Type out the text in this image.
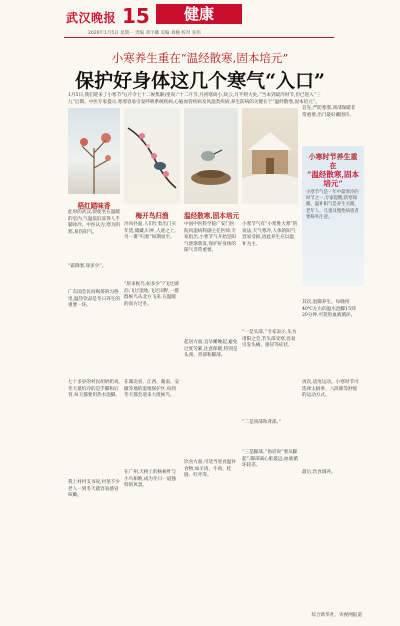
武汉晚报 15	健康
2026年1月5日 星期一 责编 邓宇卿 美编 刘楠 校对 张伟
小寒养生重在“温经散寒,固本培元”
保护好身体这几个寒气“入口”
1月5日,我们迎来了小寒节气(月令七十二候集解)里说:“十二月节,月初寒尚小,故云,月半则大矣。”当本到最冷时节,但已进入“三九”后期。中医专家提示,寒邪容易引发呼吸系统疾病,心脑血管疾病及风湿类疾病,养生防病的关键在于“温经散寒,固本培元”。
梧红踏味香
梅开鸟归渔	温经散寒,固本培元
此时的武汉,即使坐在温暖的室内,气温依旧冻得人手脚冰冷。中医认为,寒为阴邪,易伤阳气。
“霜降寒,知多少”。
广东国会民间喝茶的习俗里,温热饮品是冬日养生的重要一环。
七十多岁的村民胡奶奶说,冬天最怕冷的是手脚和后背,每天都要用热水泡脚。
我上村村支书说,村里不少老人一到冬天就容易感冒咳嗽。
冷风扑面,人们忙着出门买年货,储藏,归乡,人迹之上,另一番“归客”如期而至。
“原来候鸟,如多少”?飞过湖泊,飞过湿地,飞过田野,一群群候鸟从北方飞来,在温暖的南方过冬。
在湖北省、江西、湖南、安徽等地的湿地保护区,每到冬天都会迎来大批候鸟。
在广州,天桥上的杨树叶与小鸟相映,成为冬日一道独特的风景。
中国中医科学院广安门医院风湿病科副主任医师,专家指出,小寒节气开始是阳气逐渐萌发,保护好身体的阳气非常重要。
起居方面,宜早睡晚起,避免过度劳累,注意保暖,特别是头颈、背部和脚部。
饮食方面,可适当进食温补食物,如羊肉、牛肉、桂圆、红枣等。
小寒节气有“小寒胜大寒”的说法,天气寒冷,人体的阳气容易受损,因此养生应以温补为主。
“一是头部。”专家表示,头为诸阳之会,若头部受寒,容易引发头痛、感冒等症状。
“二是颈部和背部。”
“三是脚部。”俗话说“寒从脚起”,脚部离心脏最远,血液循环较差。
首先,严防寒邪,颈部保暖非常重要,出门最好戴围巾。
小寒时节养生重在
“温经散寒,固本培元”
小寒节气是一年中最寒冷的时节之一,专家提醒,防寒保暖、温补阳气是养生关键。老年人、儿童及慢性病患者要格外注意。
其次,泡脚养生。每晚用40℃左右的温水泡脚15到20分钟,可促进血液循环。
再次,适度运动。小寒时节可选择太极拳、八段锦等舒缓的运动方式。
最后,饮食调养。
综合新华社、央视网报道
